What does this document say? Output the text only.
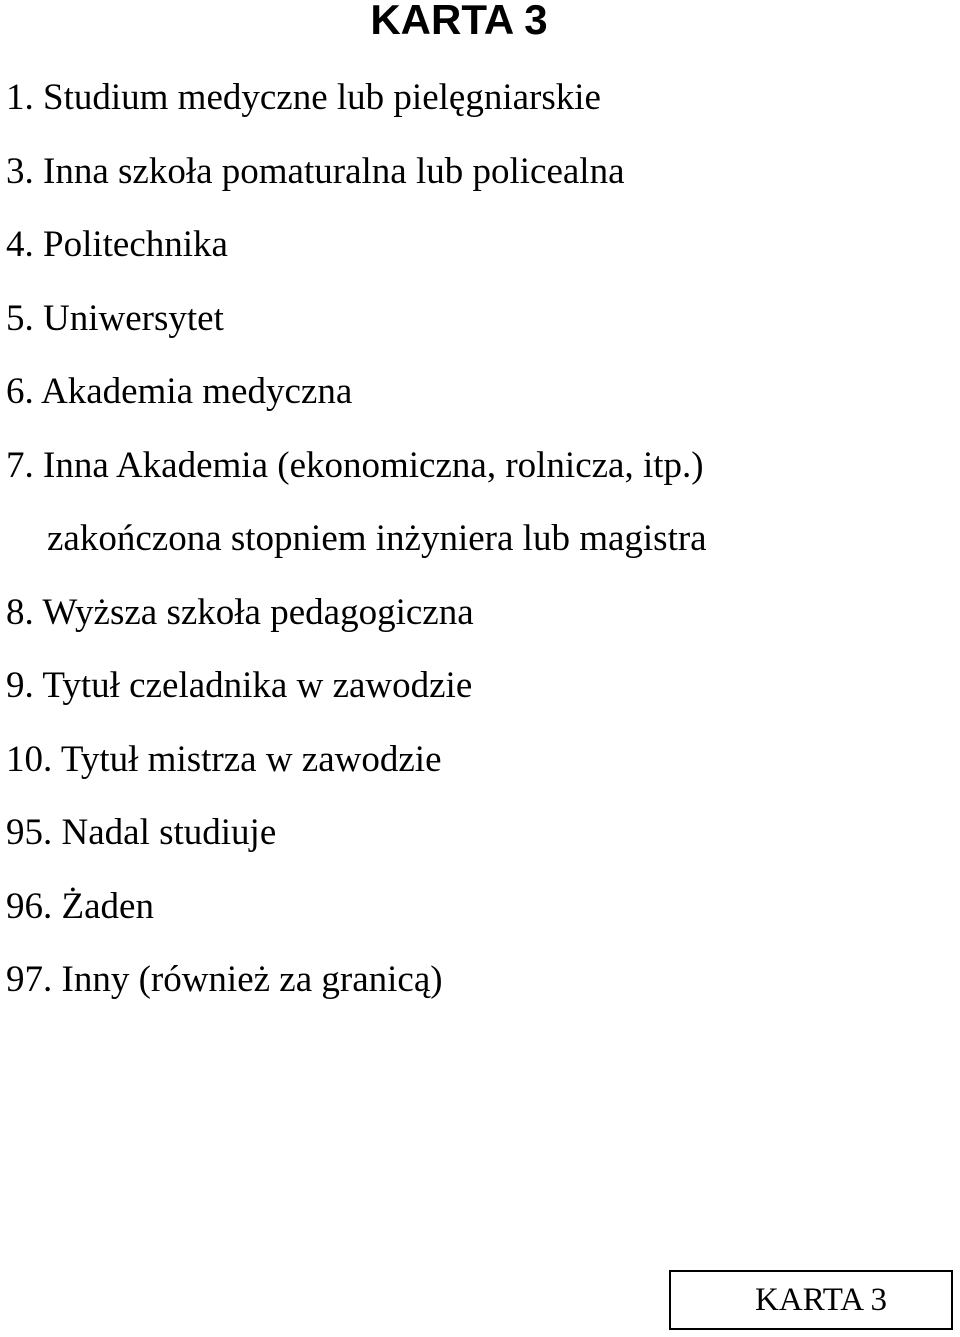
KARTA 3
1. Studium medyczne lub pielęgniarskie
3. Inna szkoła pomaturalna lub policealna
4. Politechnika
5. Uniwersytet
6. Akademia medyczna
7. Inna Akademia (ekonomiczna, rolnicza, itp.)
zakończona stopniem inżyniera lub magistra
8. Wyższa szkoła pedagogiczna
9. Tytuł czeladnika w zawodzie
10. Tytuł mistrza w zawodzie
95. Nadal studiuje
96. Żaden
97. Inny (również za granicą)
KARTA 3
